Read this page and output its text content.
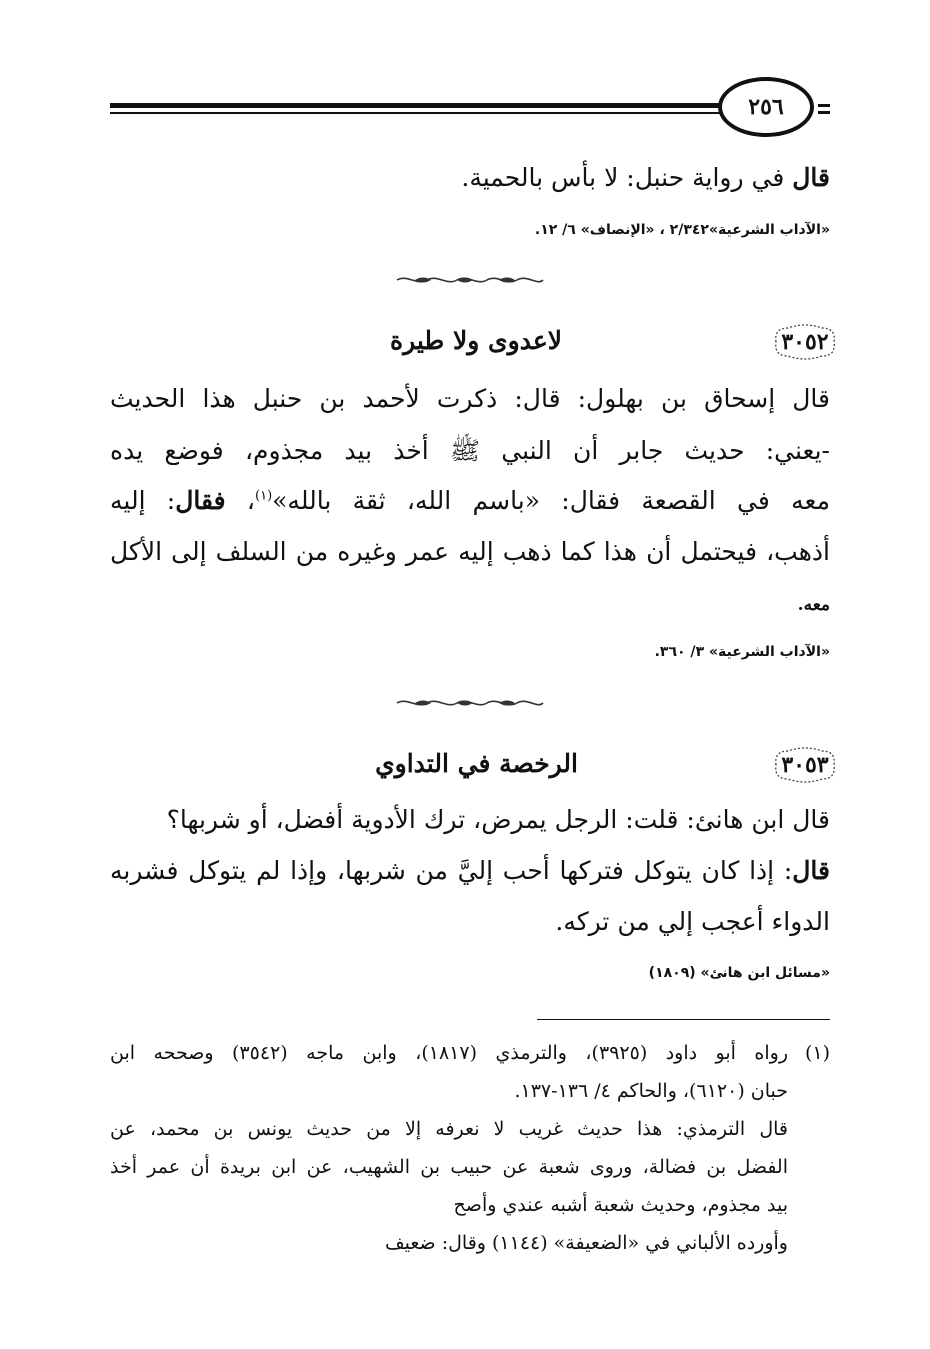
٢٥٦
قال في رواية حنبل: لا بأس بالحمية.
«الآداب الشرعية»٢/٣٤٢ ، «الإنصاف» ٦/ ١٢.
٣٠٥٢
لاعدوى ولا طيرة
قال إسحاق بن بهلول: قال: ذكرت لأحمد بن حنبل هذا الحديث
-يعني: حديث جابر أن النبي ﷺ أخذ بيد مجذوم، فوضع يده
معه في القصعة فقال: «باسم الله، ثقة بالله»$^{(١)}$، فقال: إليه
أذهب، فيحتمل أن هذا كما ذهب إليه عمر وغيره من السلف إلى الأكل
معه.
«الآداب الشرعية» ٣/ ٣٦٠.
٣٠٥٣
الرخصة في التداوي
قال ابن هانئ: قلت: الرجل يمرض، ترك الأدوية أفضل، أو شربها؟
قال: إذا كان يتوكل فتركها أحب إليَّ من شربها، وإذا لم يتوكل فشربه
الدواء أعجب إلي من تركه.
«مسائل ابن هانئ» (١٨٠٩)
(١)
رواه أبو داود (٣٩٢٥)، والترمذي (١٨١٧)، وابن ماجه (٣٥٤٢) وصححه ابن
حبان (٦١٢٠)، والحاكم ٤/ ١٣٦-١٣٧.
قال الترمذي: هذا حديث غريب لا نعرفه إلا من حديث يونس بن محمد، عن
الفضل بن فضالة، وروى شعبة عن حبيب بن الشهيب، عن ابن بريدة أن عمر أخذ
بيد مجذوم، وحديث شعبة أشبه عندي وأصح
وأورده الألباني في «الضعيفة» (١١٤٤) وقال: ضعيف
